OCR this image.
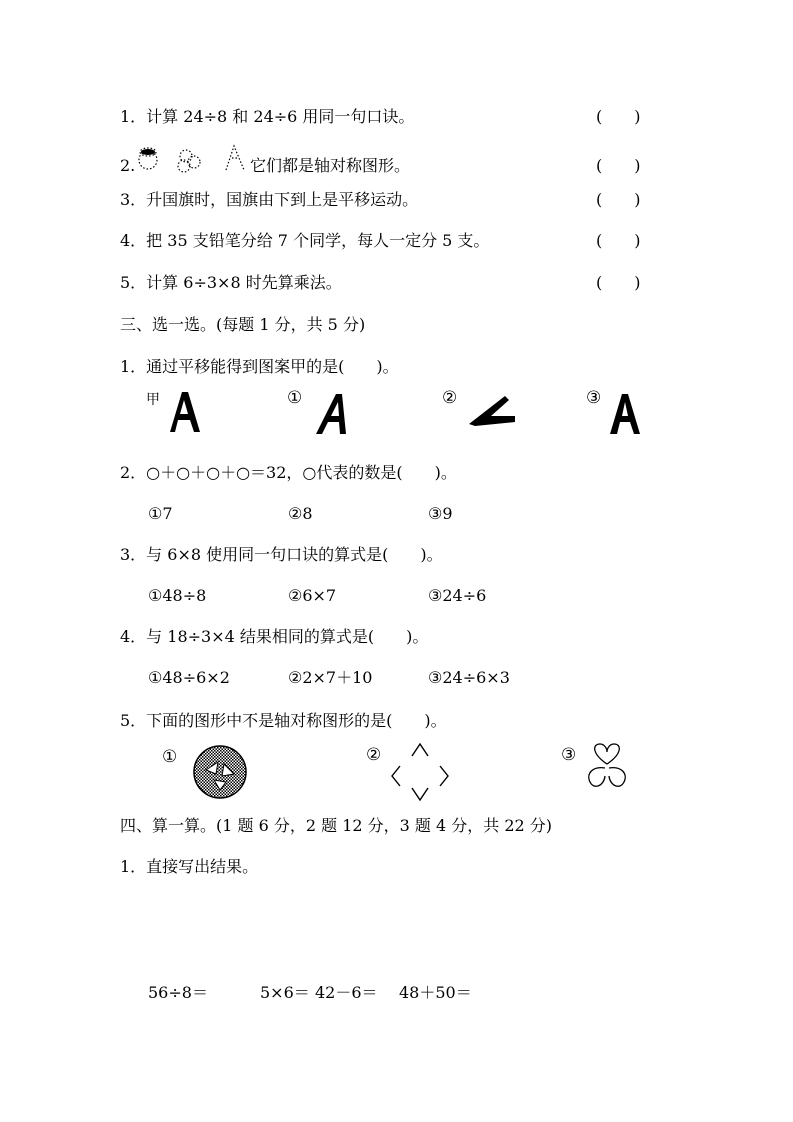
1．计算 24÷8 和 24÷6 用同一句口诀。	(　　)
2.	它们都是轴对称图形。	(　　)
3．升国旗时，国旗由下到上是平移运动。	(　　)
4．把 35 支铅笔分给 7 个同学，每人一定分 5 支。	(　　)
5．计算 6÷3×8 时先算乘法。	(　　)
三、选一选。(每题 1 分，共 5 分)
1．通过平移能得到图案甲的是(　　)。
甲	①	②	③
2．○＋○＋○＋○＝32，○代表的数是(　　)。
①7	②8	③9
3．与 6×8 使用同一句口诀的算式是(　　)。
①48÷8	②6×7	③24÷6
4．与 18÷3×4 结果相同的算式是(　　)。
①48÷6×2	②2×7＋10	③24÷6×3
5．下面的图形中不是轴对称图形的是(　　)。
①	②	③
四、算一算。(1 题 6 分，2 题 12 分，3 题 4 分，共 22 分)
1．直接写出结果。
56÷8＝	5×6＝ 42－6＝ 48＋50＝
